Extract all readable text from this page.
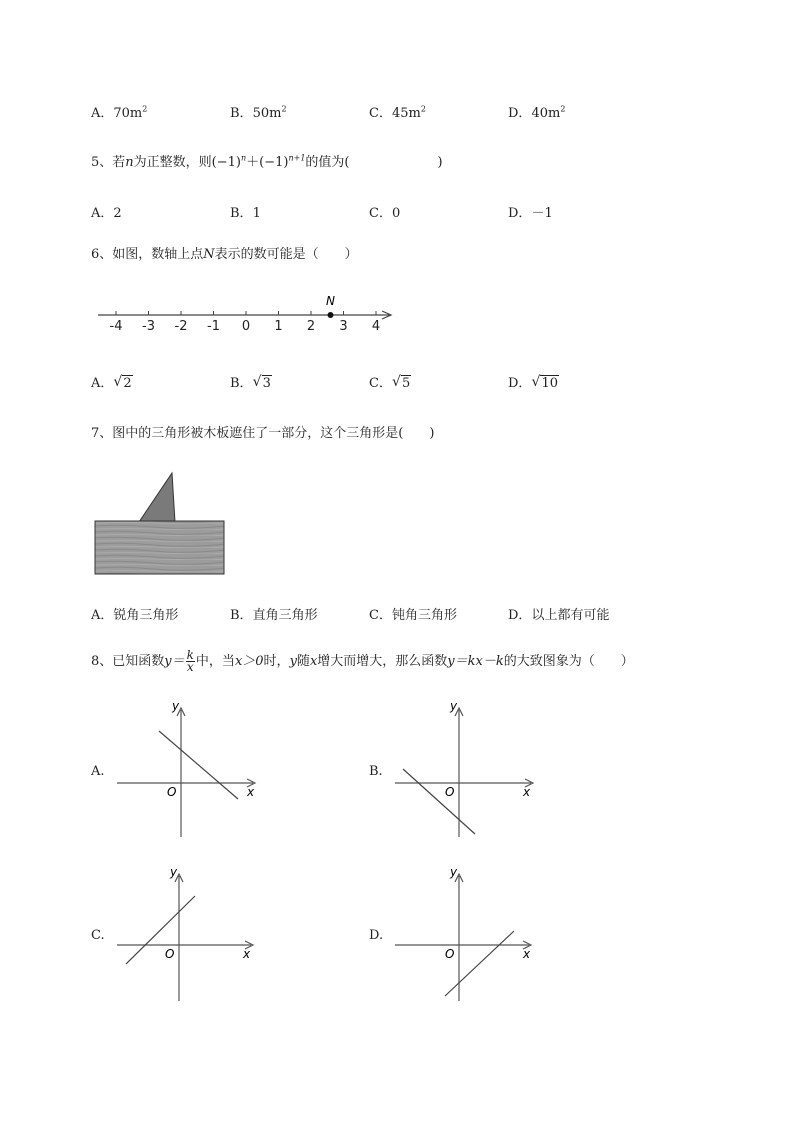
A．$70m^2$	B．$50m^2$	C．$45m^2$	D．$40m^2$
5、若n为正整数，则$(-1)^n+(-1)^{n+1}$的值为(	)
A．2	B．1	C．0	D．－1
6、如图，数轴上点N表示的数可能是（　　）
-4 -3 -2 -1 0 1 2 3 4
N
A． √ 2	B． √ 3	C． √ 5	D． √ 10
7、图中的三角形被木板遮住了一部分，这个三角形是(　　)
A．锐角三角形	B．直角三角形	C．钝角三角形	D．以上都有可能
8、已知函数$y= \frac{k}{x}$ 中，当x＞0时，y随x增大而增大，那么函数y＝kx－k的大致图象为（　　）
A.
y
x
O
B.
y
x
O
C.
y
x
O
D.
y
x
O
